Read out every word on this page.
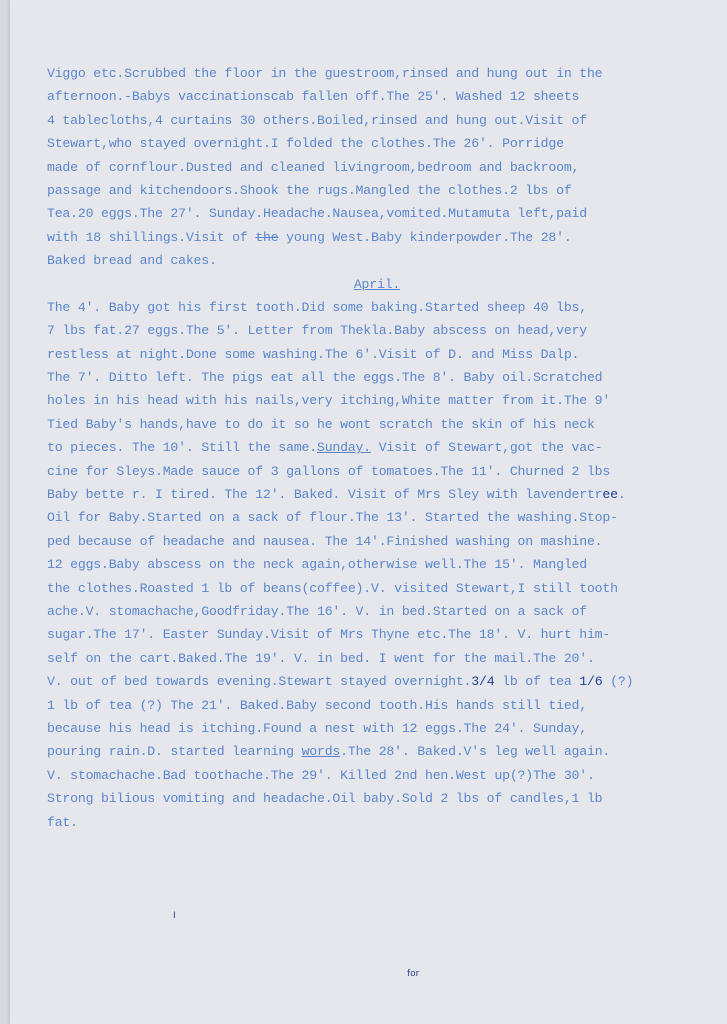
Viggo etc.Scrubbed the floor in the guestroom,rinsed and hung out in the
afternoon.-Babys vaccinationscab fallen off.The 25'. Washed 12 sheets
4 tablecloths,4 curtains 30 others.Boiled,rinsed and hung out.Visit of
Stewart,who stayed overnight.I folded the clothes.The 26'. Porridge
made of cornflour.Dusted and cleaned livingroom,bedroom and backroom,
passage and kitchendoors.Shook the rugs.Mangled the clothes.2 lbs of
Tea.20 eggs.The 27'. Sunday.Headache.Nausea,vomited.Mutamuta left,paid
with 18 shillings.Visit of the young West.Baby kinderpowder.The 28'.
Baked bread and cakes.
April.
The 4'. Baby got his first tooth.Did some baking.Started sheep 40 lbs,
7 lbs fat.27 eggs.The 5'. Letter from Thekla.Baby abscess on head,very
restless at night.Done some washing.The 6'.Visit of D. and Miss Dalp.
The 7'. Ditto left. The pigs eat all the eggs.The 8'. Baby oil.Scratched
holes in his head with his nails,very itching,White matter from it.The 9'
Tied Baby's hands,have to do it so he wont scratch the skin of his neck
to pieces. The 10'. Still the same.Sunday. Visit of Stewart,got the vac-
cine for Sleys.Made sauce of 3 gallons of tomatoes.The 11'. Churned 2 lbs
Baby bette r. I tired. The 12'. Baked. Visit of Mrs Sley with lavendertree.
Oil for Baby.Started on a sack of flour.The 13'. Started the washing.Stop-
ped because of headache and nausea. The 14'.Finished washing on mashine.
12 eggs.Baby abscess on the neck again,otherwise well.The 15'. Mangled
the clothes.Roasted 1 lb of beans(coffee).V. visited Stewart,I still tooth
ache.V. stomachache,Goodfriday.The 16'. V. in bed.Started on a sack of
sugar.The 17'. Easter Sunday.Visit of Mrs Thyne etc.The 18'. V. hurt him-
self on the cart.Baked.The 19'. V. in bed. I went for the mail.The 20'.
V. out of bed towards evening.Stewart stayed overnight.3/4 lb of tea 1/6 (?)
1 lb of tea (?) The 21'. Baked.Baby second tooth.His hands still tied,
because his head is itching.Found a nest with 12 eggs.The 24'. Sunday,
pouring rain.D. started learning words.The 28'. Baked.V's leg well again.
V. stomachache.Bad toothache.The 29'. Killed 2nd hen.West up(?)The 30'.
Strong bilious vomiting and headache.Oil baby.Sold 2 lbs of candles,1 lb
fat.
I
for
